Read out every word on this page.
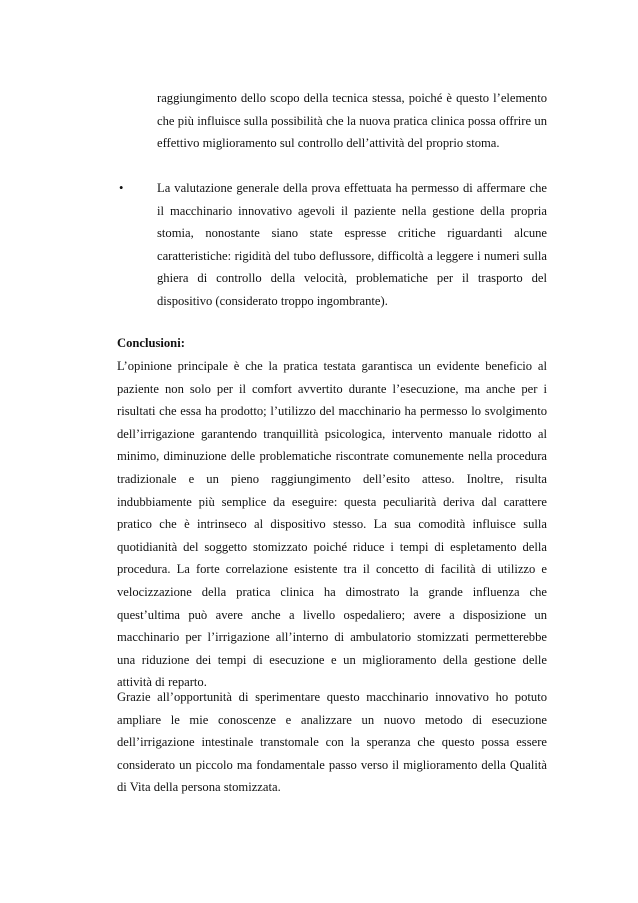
raggiungimento dello scopo della tecnica stessa, poiché è questo l’elemento che più influisce sulla possibilità che la nuova pratica clinica possa offrire un effettivo miglioramento sul controllo dell’attività del proprio stoma.
•	La valutazione generale della prova effettuata ha permesso di affermare che il macchinario innovativo agevoli il paziente nella gestione della propria stomia, nonostante siano state espresse critiche riguardanti alcune caratteristiche: rigidità del tubo deflussore, difficoltà a leggere i numeri sulla ghiera di controllo della velocità, problematiche per il trasporto del dispositivo (considerato troppo ingombrante).
Conclusioni:
L’opinione principale è che la pratica testata garantisca un evidente beneficio al paziente non solo per il comfort avvertito durante l’esecuzione, ma anche per i risultati che essa ha prodotto; l’utilizzo del macchinario ha permesso lo svolgimento dell’irrigazione garantendo tranquillità psicologica, intervento manuale ridotto al minimo, diminuzione delle problematiche riscontrate comunemente nella procedura tradizionale e un pieno raggiungimento dell’esito atteso. Inoltre, risulta indubbiamente più semplice da eseguire: questa peculiarità deriva dal carattere pratico che è intrinseco al dispositivo stesso. La sua comodità influisce sulla quotidianità del soggetto stomizzato poiché riduce i tempi di espletamento della procedura. La forte correlazione esistente tra il concetto di facilità di utilizzo e velocizzazione della pratica clinica ha dimostrato la grande influenza che quest’ultima può avere anche a livello ospedaliero; avere a disposizione un macchinario per l’irrigazione all’interno di ambulatorio stomizzati permetterebbe una riduzione dei tempi di esecuzione e un miglioramento della gestione delle attività di reparto.
Grazie all’opportunità di sperimentare questo macchinario innovativo ho potuto ampliare le mie conoscenze e analizzare un nuovo metodo di esecuzione dell’irrigazione intestinale transtomale con la speranza che questo possa essere considerato un piccolo ma fondamentale passo verso il miglioramento della Qualità di Vita della persona stomizzata.
